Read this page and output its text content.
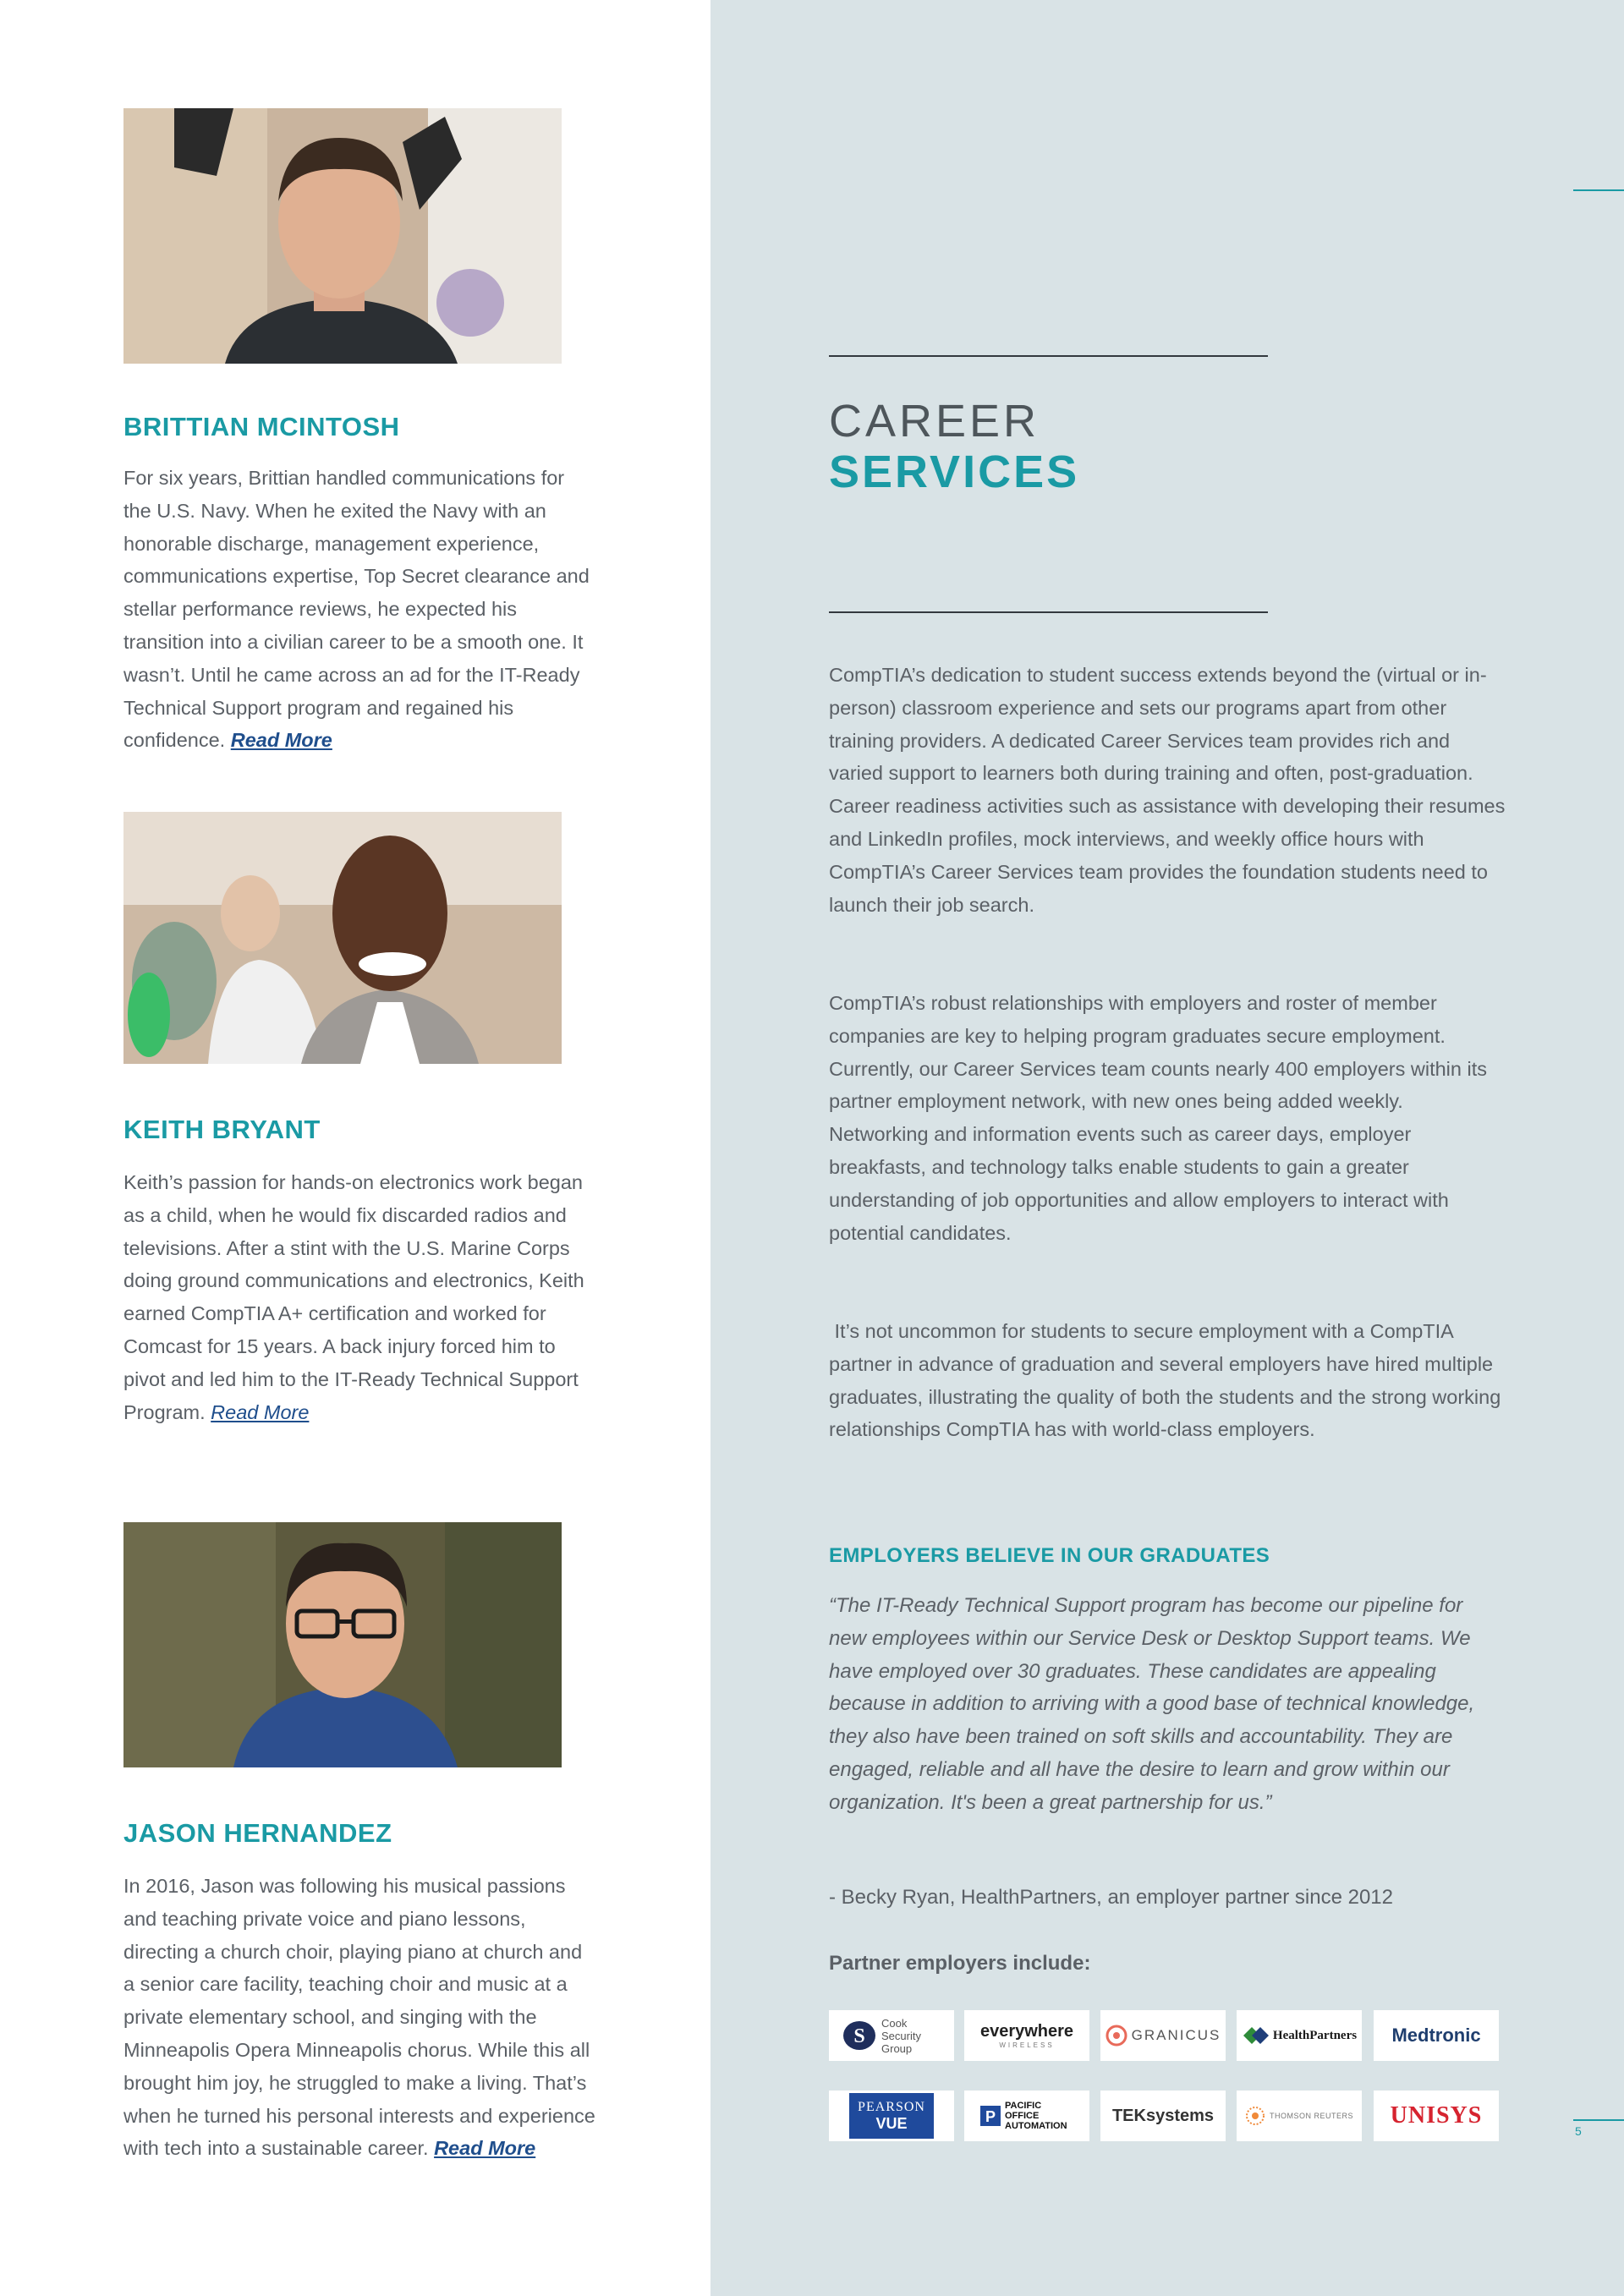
BRITTIAN MCINTOSH
For six years, Brittian handled communications for the U.S. Navy. When he exited the Navy with an honorable discharge, management experience, communications expertise, Top Secret clearance and stellar performance reviews, he expected his transition into a civilian career to be a smooth one. It wasn’t. Until he came across an ad for the IT-Ready Technical Support program and regained his confidence. Read More
KEITH BRYANT
Keith’s passion for hands-on electronics work began as a child, when he would fix discarded radios and televisions. After a stint with the U.S. Marine Corps doing ground communications and electronics, Keith earned CompTIA A+ certification and worked for Comcast for 15 years. A back injury forced him to pivot and led him to the IT-Ready Technical Support Program. Read More
JASON HERNANDEZ
In 2016, Jason was following his musical passions and teaching private voice and piano lessons, directing a church choir, playing piano at church and a senior care facility, teaching choir and music at a private elementary school, and singing with the Minneapolis Opera Minneapolis chorus. While this all brought him joy, he struggled to make a living. That’s when he turned his personal interests and experience with tech into a sustainable career. Read More
CAREER
SERVICES
CompTIA’s dedication to student success extends beyond the (virtual or in-person) classroom experience and sets our programs apart from other training providers. A dedicated Career Services team provides rich and varied support to learners both during training and often, post-graduation. Career readiness activities such as assistance with developing their resumes and LinkedIn profiles, mock interviews, and weekly office hours with CompTIA’s Career Services team provides the foundation students need to launch their job search.
CompTIA’s robust relationships with employers and roster of member companies are key to helping program graduates secure employment. Currently, our Career Services team counts nearly 400 employers within its partner employment network, with new ones being added weekly. Networking and information events such as career days, employer breakfasts, and technology talks enable students to gain a greater understanding of job opportunities and allow employers to interact with potential candidates.
It’s not uncommon for students to secure employment with a CompTIA partner in advance of graduation and several employers have hired multiple graduates, illustrating the quality of both the students and the strong working relationships CompTIA has with world-class employers.
EMPLOYERS BELIEVE IN OUR GRADUATES
“The IT-Ready Technical Support program has become our pipeline for new employees within our Service Desk or Desktop Support teams. We have employed over 30 graduates. These candidates are appealing because in addition to arriving with a good base of technical knowledge, they also have been trained on soft skills and accountability. They are engaged, reliable and all have the desire to learn and grow within our organization. It's been a great partnership for us.”
- Becky Ryan, HealthPartners, an employer partner since 2012
Partner employers include:
S
Cook Security Group
everywhere
WIRELESS
GRANICUS	HealthPartners Medtronic
PEARSON
VUE	P
PACIFIC OFFICE AUTOMATION
TEKsystems	THOMSON REUTERS UNISYS
5
